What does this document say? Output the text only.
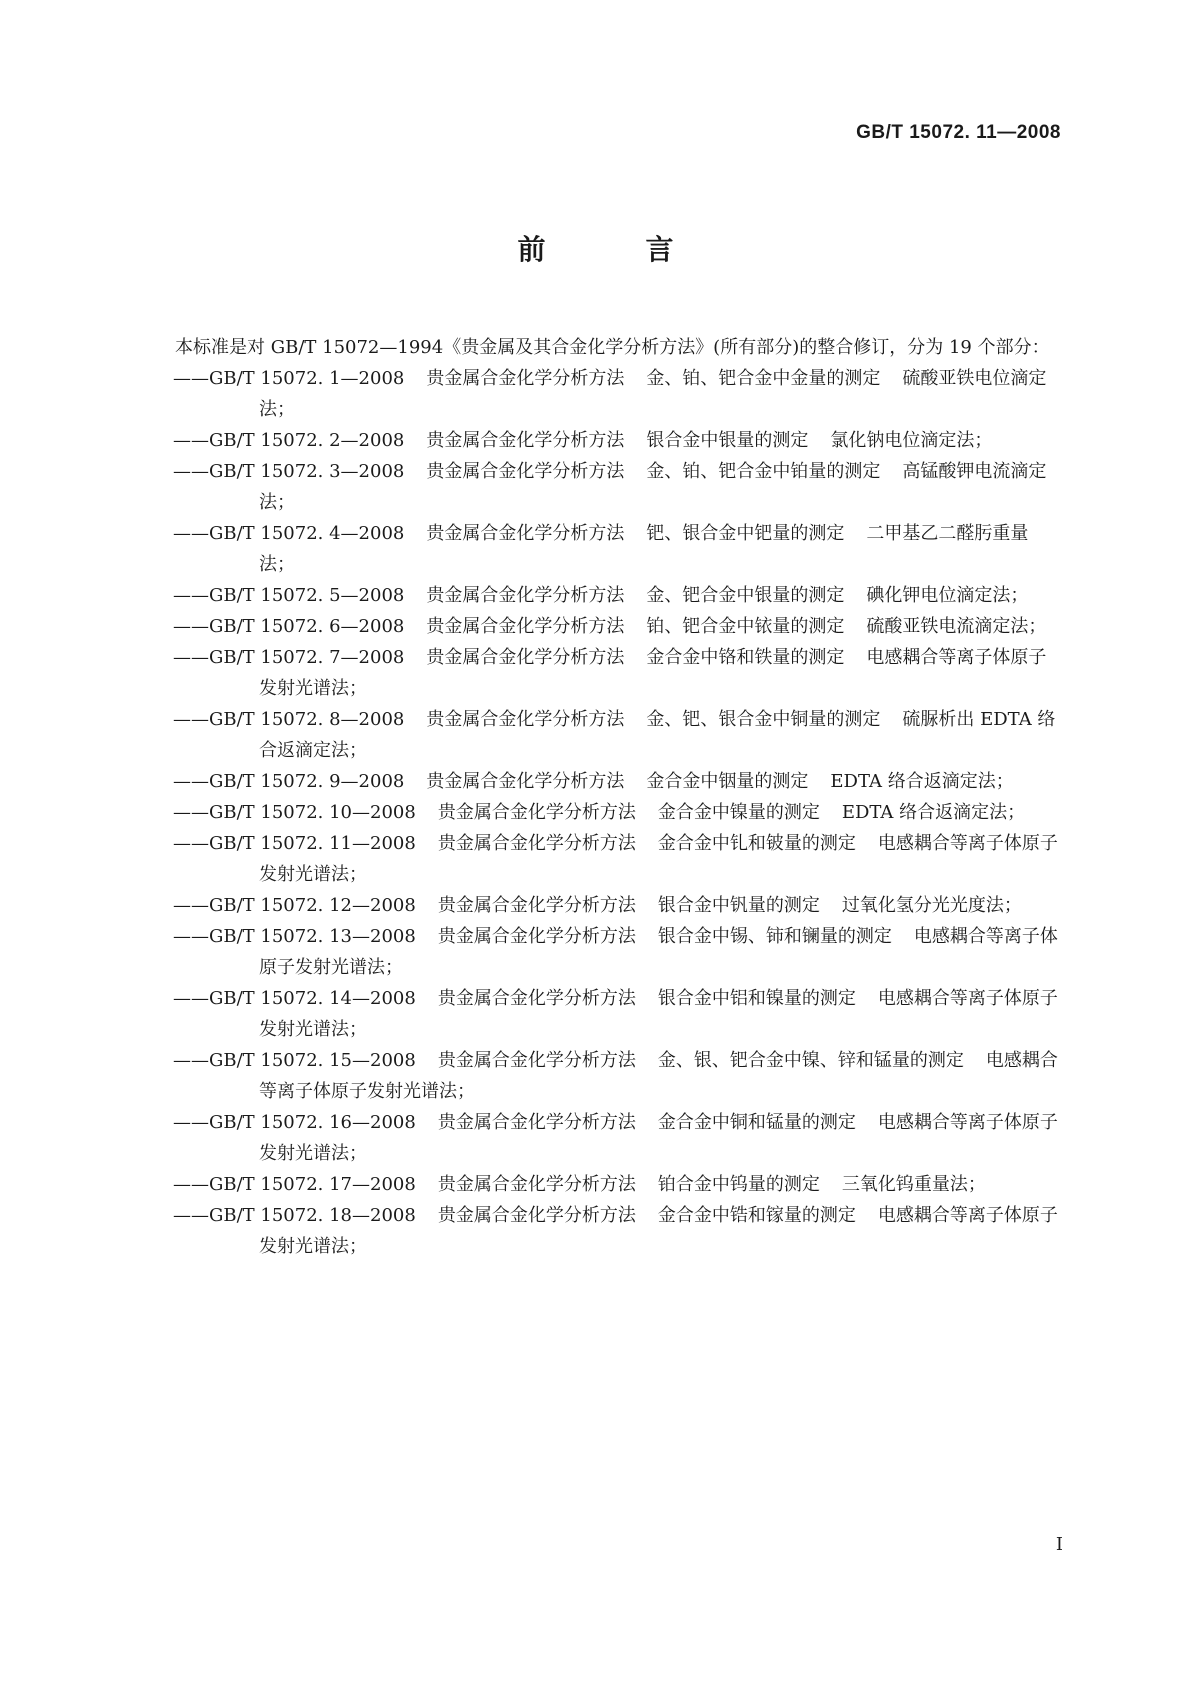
GB/T 15072. 11—2008
前　言

本标准是对 GB/T 15072—1994《贵金属及其合金化学分析方法》(所有部分)的整合修订，分为 19 个部分：

——GB/T 15072. 1—2008 贵金属合金化学分析方法 金、铂、钯合金中金量的测定 硫酸亚铁电位滴定法；
——GB/T 15072. 2—2008 贵金属合金化学分析方法 银合金中银量的测定 氯化钠电位滴定法；
——GB/T 15072. 3—2008 贵金属合金化学分析方法 金、铂、钯合金中铂量的测定 高锰酸钾电流滴定法；
——GB/T 15072. 4—2008 贵金属合金化学分析方法 钯、银合金中钯量的测定 二甲基乙二醛肟重量法；
——GB/T 15072. 5—2008 贵金属合金化学分析方法 金、钯合金中银量的测定 碘化钾电位滴定法；
——GB/T 15072. 6—2008 贵金属合金化学分析方法 铂、钯合金中铱量的测定 硫酸亚铁电流滴定法；
——GB/T 15072. 7—2008 贵金属合金化学分析方法 金合金中铬和铁量的测定 电感耦合等离子体原子发射光谱法；
——GB/T 15072. 8—2008 贵金属合金化学分析方法 金、钯、银合金中铜量的测定 硫脲析出 EDTA 络合返滴定法；
——GB/T 15072. 9—2008 贵金属合金化学分析方法 金合金中铟量的测定 EDTA 络合返滴定法；
——GB/T 15072. 10—2008 贵金属合金化学分析方法 金合金中镍量的测定 EDTA 络合返滴定法；
——GB/T 15072. 11—2008 贵金属合金化学分析方法 金合金中钆和铍量的测定 电感耦合等离子体原子发射光谱法；
——GB/T 15072. 12—2008 贵金属合金化学分析方法 银合金中钒量的测定 过氧化氢分光光度法；
——GB/T 15072. 13—2008 贵金属合金化学分析方法 银合金中锡、铈和镧量的测定 电感耦合等离子体原子发射光谱法；
——GB/T 15072. 14—2008 贵金属合金化学分析方法 银合金中铝和镍量的测定 电感耦合等离子体原子发射光谱法；
——GB/T 15072. 15—2008 贵金属合金化学分析方法 金、银、钯合金中镍、锌和锰量的测定 电感耦合等离子体原子发射光谱法；
——GB/T 15072. 16—2008 贵金属合金化学分析方法 金合金中铜和锰量的测定 电感耦合等离子体原子发射光谱法；
——GB/T 15072. 17—2008 贵金属合金化学分析方法 铂合金中钨量的测定 三氧化钨重量法；
——GB/T 15072. 18—2008 贵金属合金化学分析方法 金合金中锆和镓量的测定 电感耦合等离子体原子发射光谱法；
I
